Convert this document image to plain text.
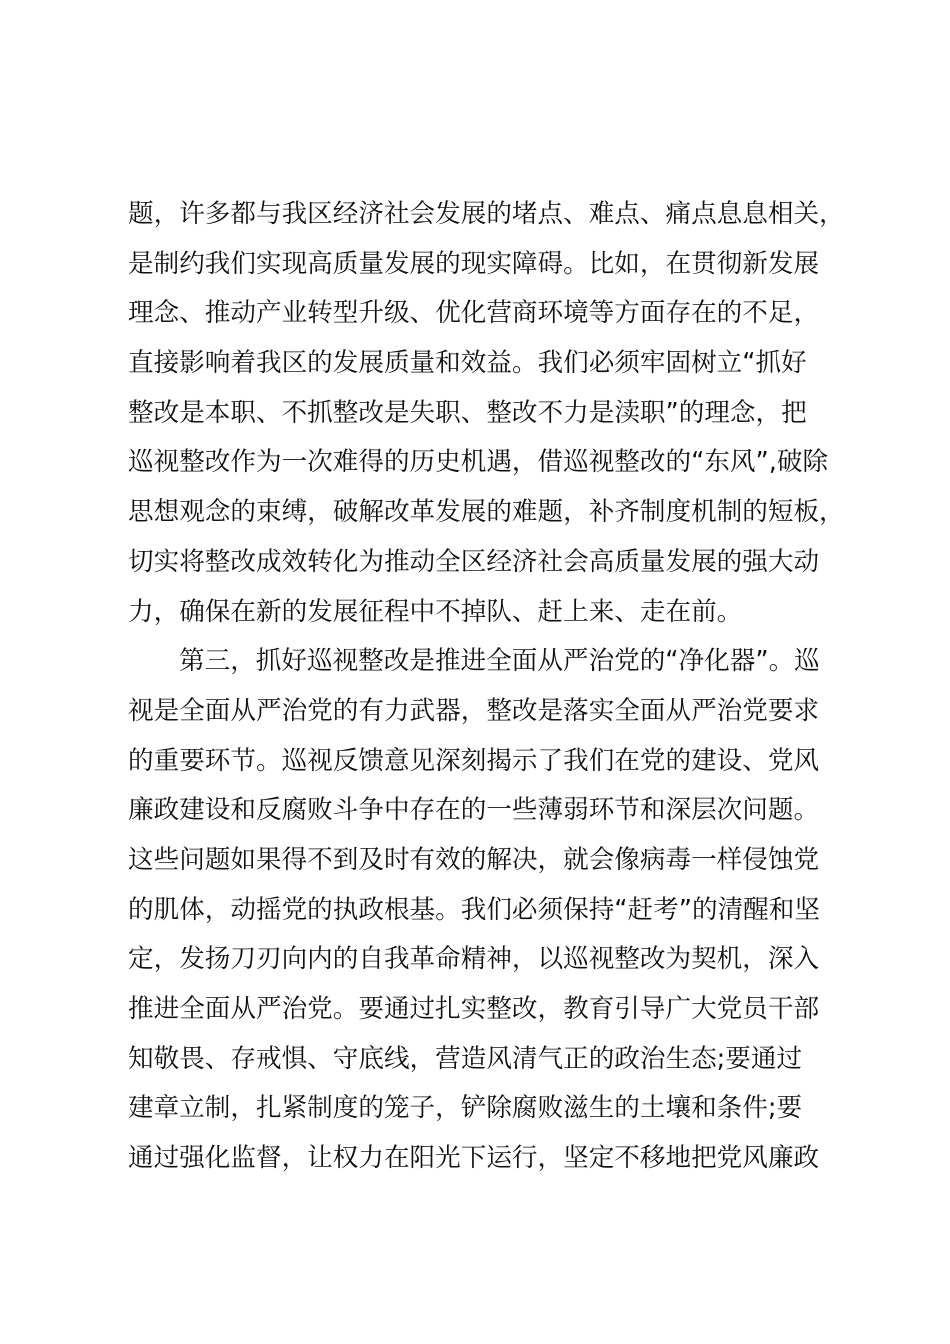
题，许多都与我区经济社会发展的堵点、难点、痛点息息相关，
是制约我们实现高质量发展的现实障碍。比如，在贯彻新发展
理念、推动产业转型升级、优化营商环境等方面存在的不足，
直接影响着我区的发展质量和效益。我们必须牢固树立“抓好
整改是本职、不抓整改是失职、整改不力是渎职”的理念，把
巡视整改作为一次难得的历史机遇，借巡视整改的“东风”,破除
思想观念的束缚，破解改革发展的难题，补齐制度机制的短板，
切实将整改成效转化为推动全区经济社会高质量发展的强大动
力，确保在新的发展征程中不掉队、赶上来、走在前。
第三，抓好巡视整改是推进全面从严治党的“净化器”。巡
视是全面从严治党的有力武器，整改是落实全面从严治党要求
的重要环节。巡视反馈意见深刻揭示了我们在党的建设、党风
廉政建设和反腐败斗争中存在的一些薄弱环节和深层次问题。
这些问题如果得不到及时有效的解决，就会像病毒一样侵蚀党
的肌体，动摇党的执政根基。我们必须保持“赶考”的清醒和坚
定，发扬刀刃向内的自我革命精神，以巡视整改为契机，深入
推进全面从严治党。要通过扎实整改，教育引导广大党员干部
知敬畏、存戒惧、守底线，营造风清气正的政治生态;要通过
建章立制，扎紧制度的笼子，铲除腐败滋生的土壤和条件;要
通过强化监督，让权力在阳光下运行，坚定不移地把党风廉政
